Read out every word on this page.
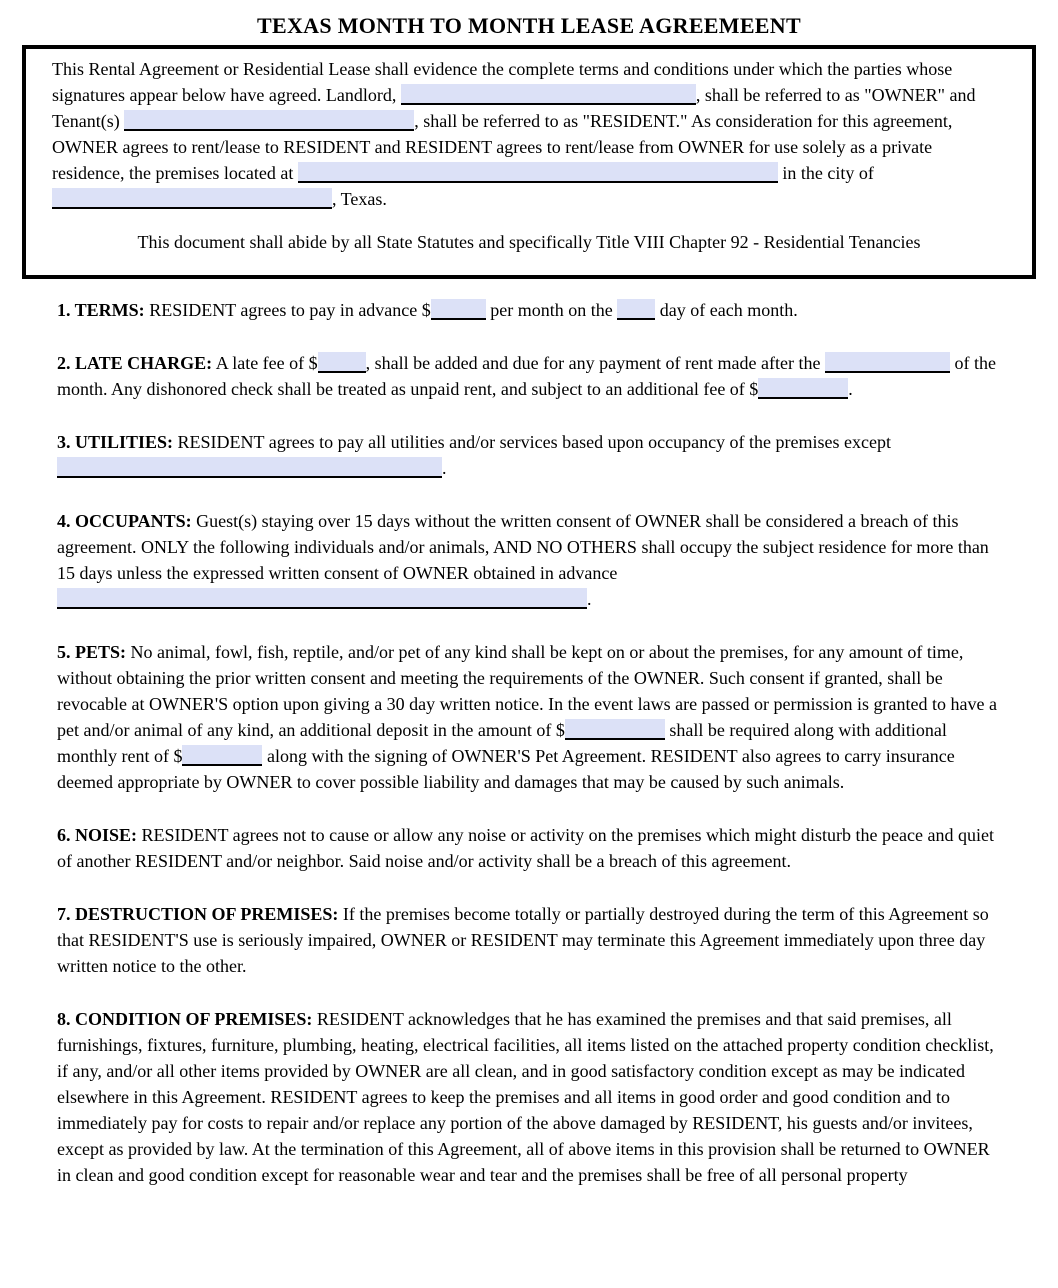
TEXAS MONTH TO MONTH LEASE AGREEMEENT

This Rental Agreement or Residential Lease shall evidence the complete terms and conditions under which the parties whose signatures appear below have agreed. Landlord,	, shall be referred to as "OWNER" and Tenant(s)	, shall be referred to as "RESIDENT." As consideration for this agreement, OWNER agrees to rent/lease to RESIDENT and RESIDENT agrees to rent/lease from OWNER for use solely as a private residence, the premises located at	in the city of , Texas.

This document shall abide by all State Statutes and specifically Title VIII Chapter 92 - Residential Tenancies

1. TERMS: RESIDENT agrees to pay in advance $	per month on the  day of each month.

2. LATE CHARGE: A late fee of $	, shall be added and due for any payment of rent made after the	of the month. Any dishonored check shall be treated as unpaid rent, and subject to an additional fee of $	.

3. UTILITIES: RESIDENT agrees to pay all utilities and/or services based upon occupancy of the premises except .

4. OCCUPANTS: Guest(s) staying over 15 days without the written consent of OWNER shall be considered a breach of this agreement. ONLY the following individuals and/or animals, AND NO OTHERS shall occupy the subject residence for more than 15 days unless the expressed written consent of OWNER obtained in advance .

5. PETS: No animal, fowl, fish, reptile, and/or pet of any kind shall be kept on or about the premises, for any amount of time, without obtaining the prior written consent and meeting the requirements of the OWNER. Such consent if granted, shall be revocable at OWNER'S option upon giving a 30 day written notice. In the event laws are passed or permission is granted to have a pet and/or animal of any kind, an additional deposit in the amount of $	shall be required along with additional monthly rent of $	along with the signing of OWNER'S Pet Agreement. RESIDENT also agrees to carry insurance deemed appropriate by OWNER to cover possible liability and damages that may be caused by such animals.

6. NOISE: RESIDENT agrees not to cause or allow any noise or activity on the premises which might disturb the peace and quiet of another RESIDENT and/or neighbor. Said noise and/or activity shall be a breach of this agreement.

7. DESTRUCTION OF PREMISES: If the premises become totally or partially destroyed during the term of this Agreement so that RESIDENT'S use is seriously impaired, OWNER or RESIDENT may terminate this Agreement immediately upon three day written notice to the other.

8. CONDITION OF PREMISES: RESIDENT acknowledges that he has examined the premises and that said premises, all furnishings, fixtures, furniture, plumbing, heating, electrical facilities, all items listed on the attached property condition checklist, if any, and/or all other items provided by OWNER are all clean, and in good satisfactory condition except as may be indicated elsewhere in this Agreement. RESIDENT agrees to keep the premises and all items in good order and good condition and to immediately pay for costs to repair and/or replace any portion of the above damaged by RESIDENT, his guests and/or invitees, except as provided by law. At the termination of this Agreement, all of above items in this provision shall be returned to OWNER in clean and good condition except for reasonable wear and tear and the premises shall be free of all personal property
